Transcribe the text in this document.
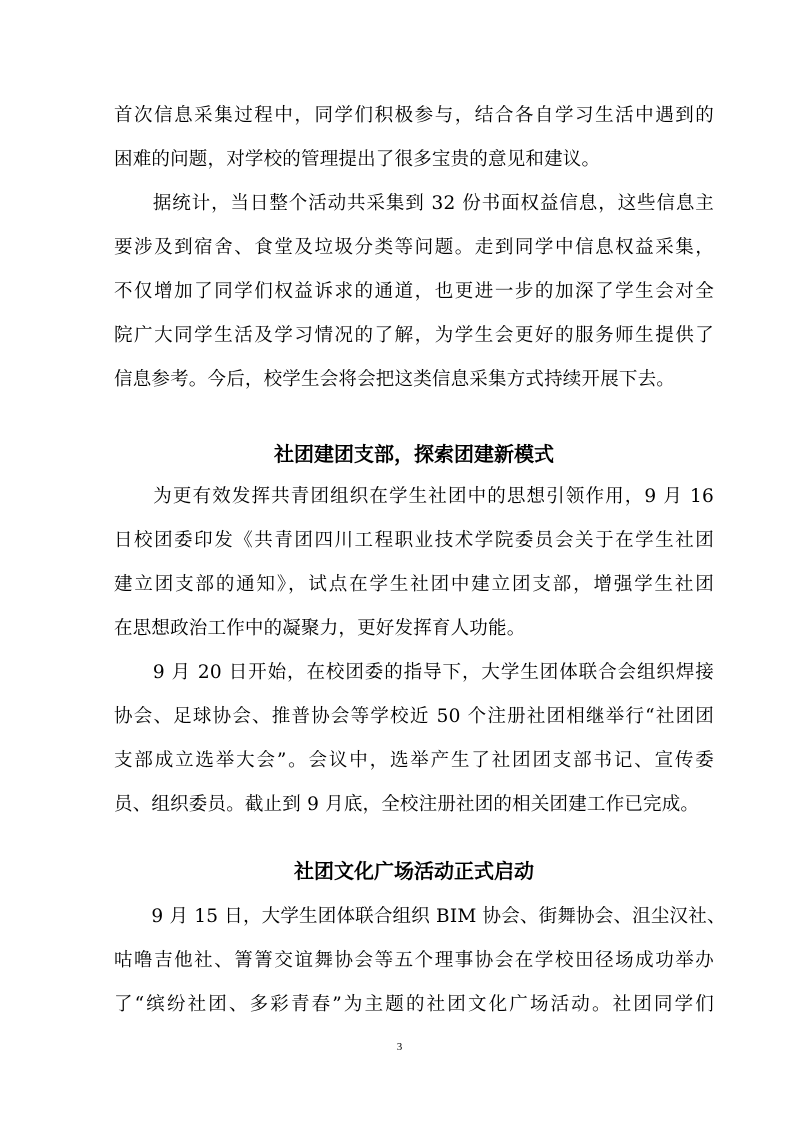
首次信息采集过程中，同学们积极参与，结合各自学习生活中遇到的
困难的问题，对学校的管理提出了很多宝贵的意见和建议。
　　据统计，当日整个活动共采集到 32 份书面权益信息，这些信息主
要涉及到宿舍、食堂及垃圾分类等问题。走到同学中信息权益采集，
不仅增加了同学们权益诉求的通道，也更进一步的加深了学生会对全
院广大同学生活及学习情况的了解，为学生会更好的服务师生提供了
信息参考。今后，校学生会将会把这类信息采集方式持续开展下去。
社团建团支部，探索团建新模式
　　为更有效发挥共青团组织在学生社团中的思想引领作用，9 月 16
日校团委印发《共青团四川工程职业技术学院委员会关于在学生社团
建立团支部的通知》，试点在学生社团中建立团支部，增强学生社团
在思想政治工作中的凝聚力，更好发挥育人功能。
　　9 月 20 日开始，在校团委的指导下，大学生团体联合会组织焊接
协会、足球协会、推普协会等学校近 50 个注册社团相继举行“社团团
支部成立选举大会”。会议中，选举产生了社团团支部书记、宣传委
员、组织委员。截止到 9 月底，全校注册社团的相关团建工作已完成。
社团文化广场活动正式启动
　　9 月 15 日，大学生团体联合组织 BIM 协会、街舞协会、沮尘汉社、
咕噜吉他社、箐箐交谊舞协会等五个理事协会在学校田径场成功举办
了“缤纷社团、多彩青春”为主题的社团文化广场活动。社团同学们
3
